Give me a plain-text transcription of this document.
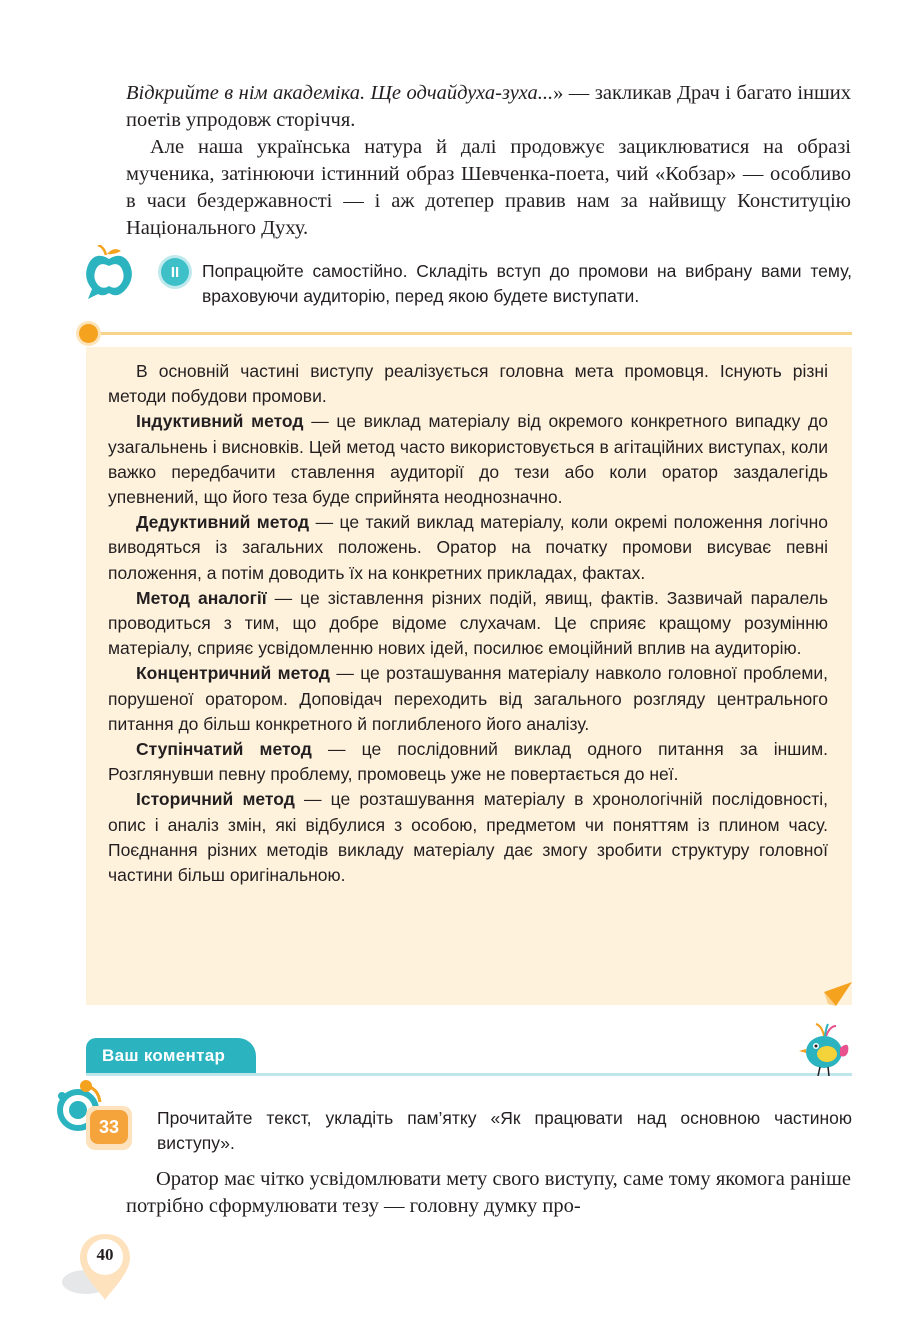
Відкрийте в нім академіка. Ще одчайдуха-зуха...» — закликав Драч і багато інших поетів упродовж сторіччя.

Але наша українська натура й далі продовжує зациклюватися на образі мученика, затінюючи істинний образ Шевченка-поета, чий «Кобзар» — особливо в часи бездержавності — і аж дотепер правив нам за найвищу Конституцію Національного Духу.

II	Попрацюйте самостійно. Складіть вступ до промови на вибрану вами тему, враховуючи аудиторію, перед якою будете виступати.

В основній частині виступу реалізується головна мета промовця. Існують різні методи побудови промови.

Індуктивний метод — це виклад матеріалу від окремого конкретного випадку до узагальнень і висновків. Цей метод часто використовується в агітаційних виступах, коли важко передбачити ставлення аудиторії до тези або коли оратор заздалегідь упевнений, що його теза буде сприйнята неоднозначно.

Дедуктивний метод — це такий виклад матеріалу, коли окремі положення логічно виводяться із загальних положень. Оратор на початку промови висуває певні положення, а потім доводить їх на конкретних прикладах, фактах.

Метод аналогії — це зіставлення різних подій, явищ, фактів. Зазвичай паралель проводиться з тим, що добре відоме слухачам. Це сприяє кращому розумінню матеріалу, сприяє усвідомленню нових ідей, посилює емоційний вплив на аудиторію.

Концентричний метод — це розташування матеріалу навколо головної проблеми, порушеної оратором. Доповідач переходить від загального розгляду центрального питання до більш конкретного й поглибленого його аналізу.

Ступінчатий метод — це послідовний виклад одного питання за іншим. Розглянувши певну проблему, промовець уже не повертається до неї.

Історичний метод — це розташування матеріалу в хронологічній послідовності, опис і аналіз змін, які відбулися з особою, предметом чи поняттям із плином часу. Поєднання різних методів викладу матеріалу дає змогу зробити структуру головної частини більш оригінальною.

Ваш коментар
33	Прочитайте текст, укладіть пам’ятку «Як працювати над основною частиною виступу».

Оратор має чітко усвідомлювати мету свого виступу, саме тому якомога раніше потрібно сформулювати тезу — головну думку про-

40
